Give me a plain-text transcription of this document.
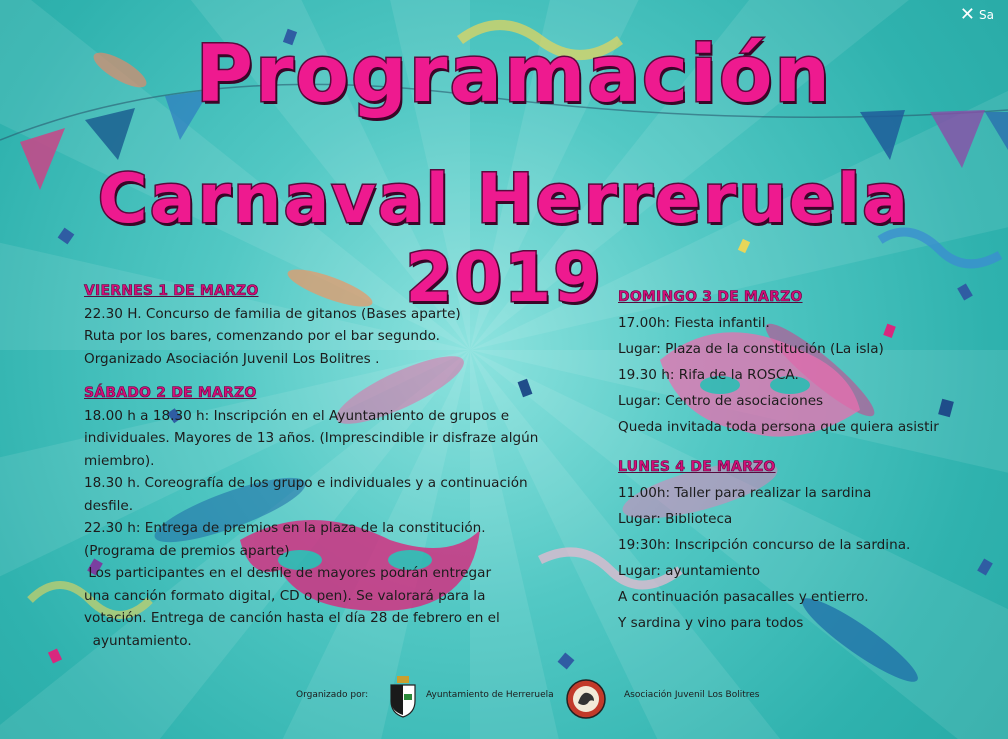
Programación
Carnaval Herreruela 2019
VIERNES 1 DE MARZO
22.30 H. Concurso de familia de gitanos (Bases aparte)
Ruta por los bares, comenzando por el bar segundo.
Organizado Asociación Juvenil Los Bolitres .
SÁBADO 2 DE MARZO
18.00 h a 18.30 h: Inscripción en el Ayuntamiento de grupos e
individuales. Mayores de 13 años. (Imprescindible ir disfraze algún
miembro).
18.30 h. Coreografía de los grupo e individuales y a continuación
desfile.
22.30 h: Entrega de premios en la plaza de la constitución.
(Programa de premios aparte)
Los participantes en el desfile de mayores podrán entregar
una canción formato digital, CD o pen). Se valorará para la
votación. Entrega de canción hasta el día 28 de febrero en el
ayuntamiento.
DOMINGO 3 DE MARZO
17.00h: Fiesta infantil.
Lugar: Plaza de la constitución (La isla)
19.30 h: Rifa de la ROSCA.
Lugar: Centro de asociaciones
Queda invitada toda persona que quiera asistir
LUNES 4 DE MARZO
11.00h: Taller para realizar la sardina
Lugar: Biblioteca
19:30h: Inscripción concurso de la sardina.
Lugar: ayuntamiento
A continuación pasacalles y entierro.
Y sardina y vino para todos
Organizado por:	Ayuntamiento de Herreruela	Asociación Juvenil Los Bolitres
✕ Sa
